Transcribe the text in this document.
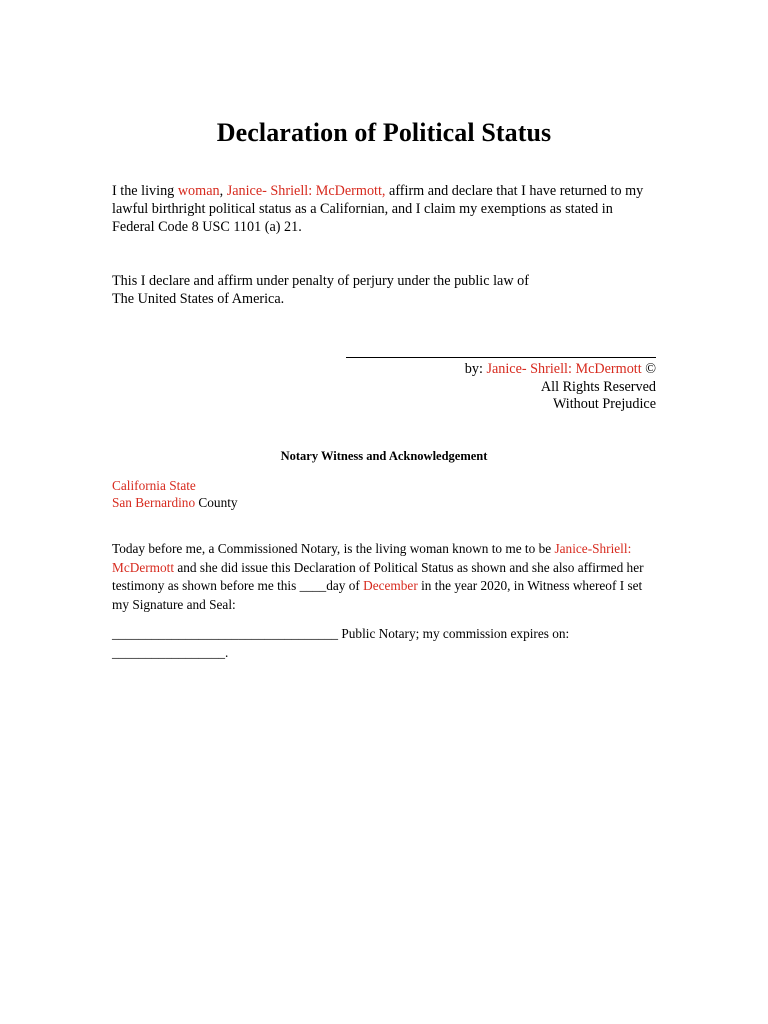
Declaration of Political Status
I the living woman, Janice- Shriell: McDermott, affirm and declare that I have returned to my lawful birthright political status as a Californian, and I claim my exemptions as stated in Federal Code 8 USC 1101 (a) 21.
This I declare and affirm under penalty of perjury under the public law of
The United States of America.
by: Janice- Shriell: McDermott ©
All Rights Reserved
Without Prejudice
Notary Witness and Acknowledgement
California State
San Bernardino County
Today before me, a Commissioned Notary, is the living woman known to me to be Janice-Shriell: McDermott and she did issue this Declaration of Political Status as shown and she also affirmed her testimony as shown before me this ____day of December in the year 2020, in Witness whereof I set my Signature and Seal:
__________________________________ Public Notary; my commission expires on: _________________.
